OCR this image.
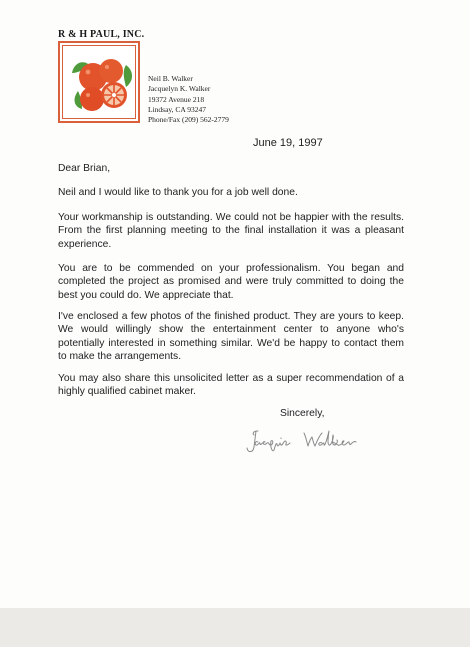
R & H PAUL, INC.
Neil B. Walker
Jacquelyn K. Walker
19372 Avenue 218
Lindsay, CA 93247
Phone/Fax (209) 562-2779
June 19, 1997

Dear Brian,

Neil and I would like to thank you for a job well done.

Your workmanship is outstanding. We could not be happier with the results. From the first planning meeting to the final installation it was a pleasant experience.

You are to be commended on your professionalism. You began and completed the project as promised and were truly committed to doing the best you could do. We appreciate that.

I've enclosed a few photos of the finished product. They are yours to keep. We would willingly show the entertainment center to anyone who's potentially interested in something similar. We'd be happy to contact them to make the arrangements.

You may also share this unsolicited letter as a super recommendation of a highly qualified cabinet maker.

Sincerely,
